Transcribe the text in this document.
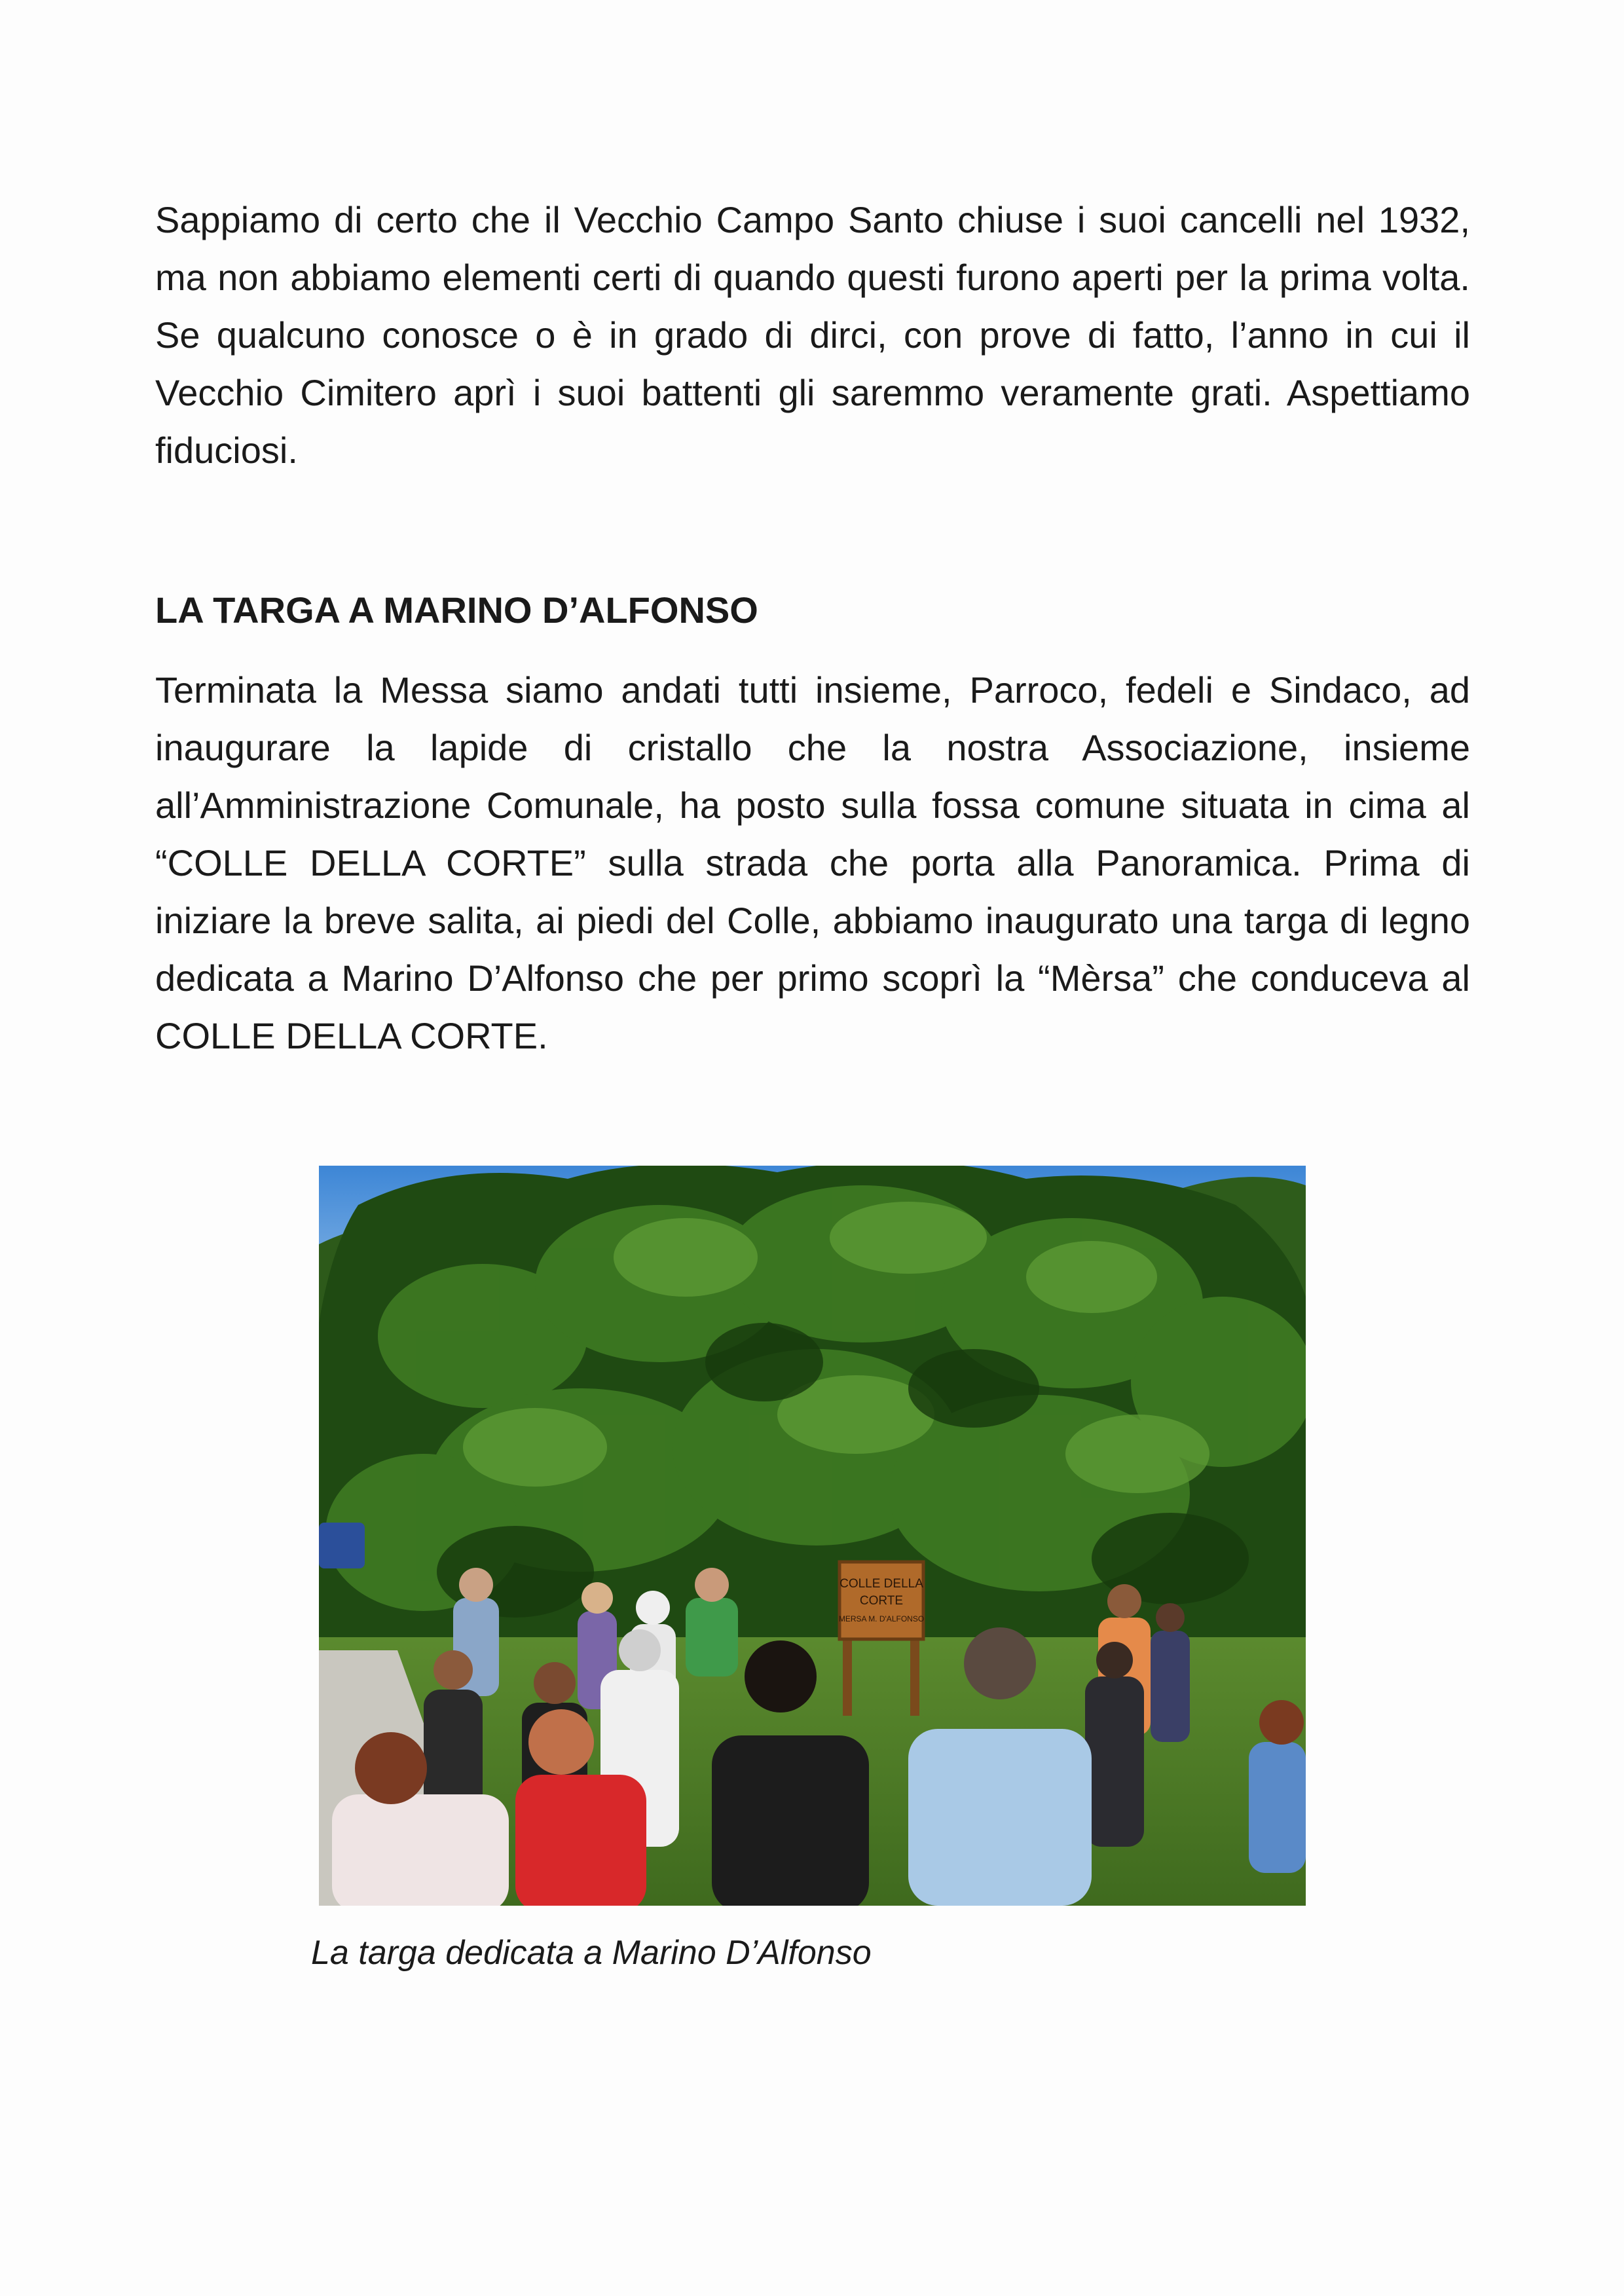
Sappiamo di certo che il Vecchio Campo Santo chiuse i suoi cancelli nel 1932, ma non abbiamo elementi certi di quando questi furono aperti per la prima volta. Se qualcuno conosce o è in grado di dirci, con prove di fatto, l’anno in cui il Vecchio Cimitero aprì i suoi battenti gli saremmo veramente grati. Aspettiamo fiduciosi.

LA TARGA A MARINO D’ALFONSO

Terminata la Messa siamo andati tutti insieme, Parroco, fedeli e Sindaco, ad inaugurare la lapide di cristallo che la nostra Associazione, insieme all’Amministrazione Comunale, ha posto sulla fossa comune situata in cima al “COLLE DELLA CORTE” sulla strada che porta alla Panoramica. Prima di iniziare la breve salita, ai piedi del Colle, abbiamo inaugurato una targa di legno dedicata a Marino D’Alfonso che per primo scoprì la “Mèrsa” che conduceva al COLLE DELLA CORTE.

COLLE DELLA
CORTE
MERSA M. D'ALFONSO

La targa dedicata a Marino D’Alfonso
